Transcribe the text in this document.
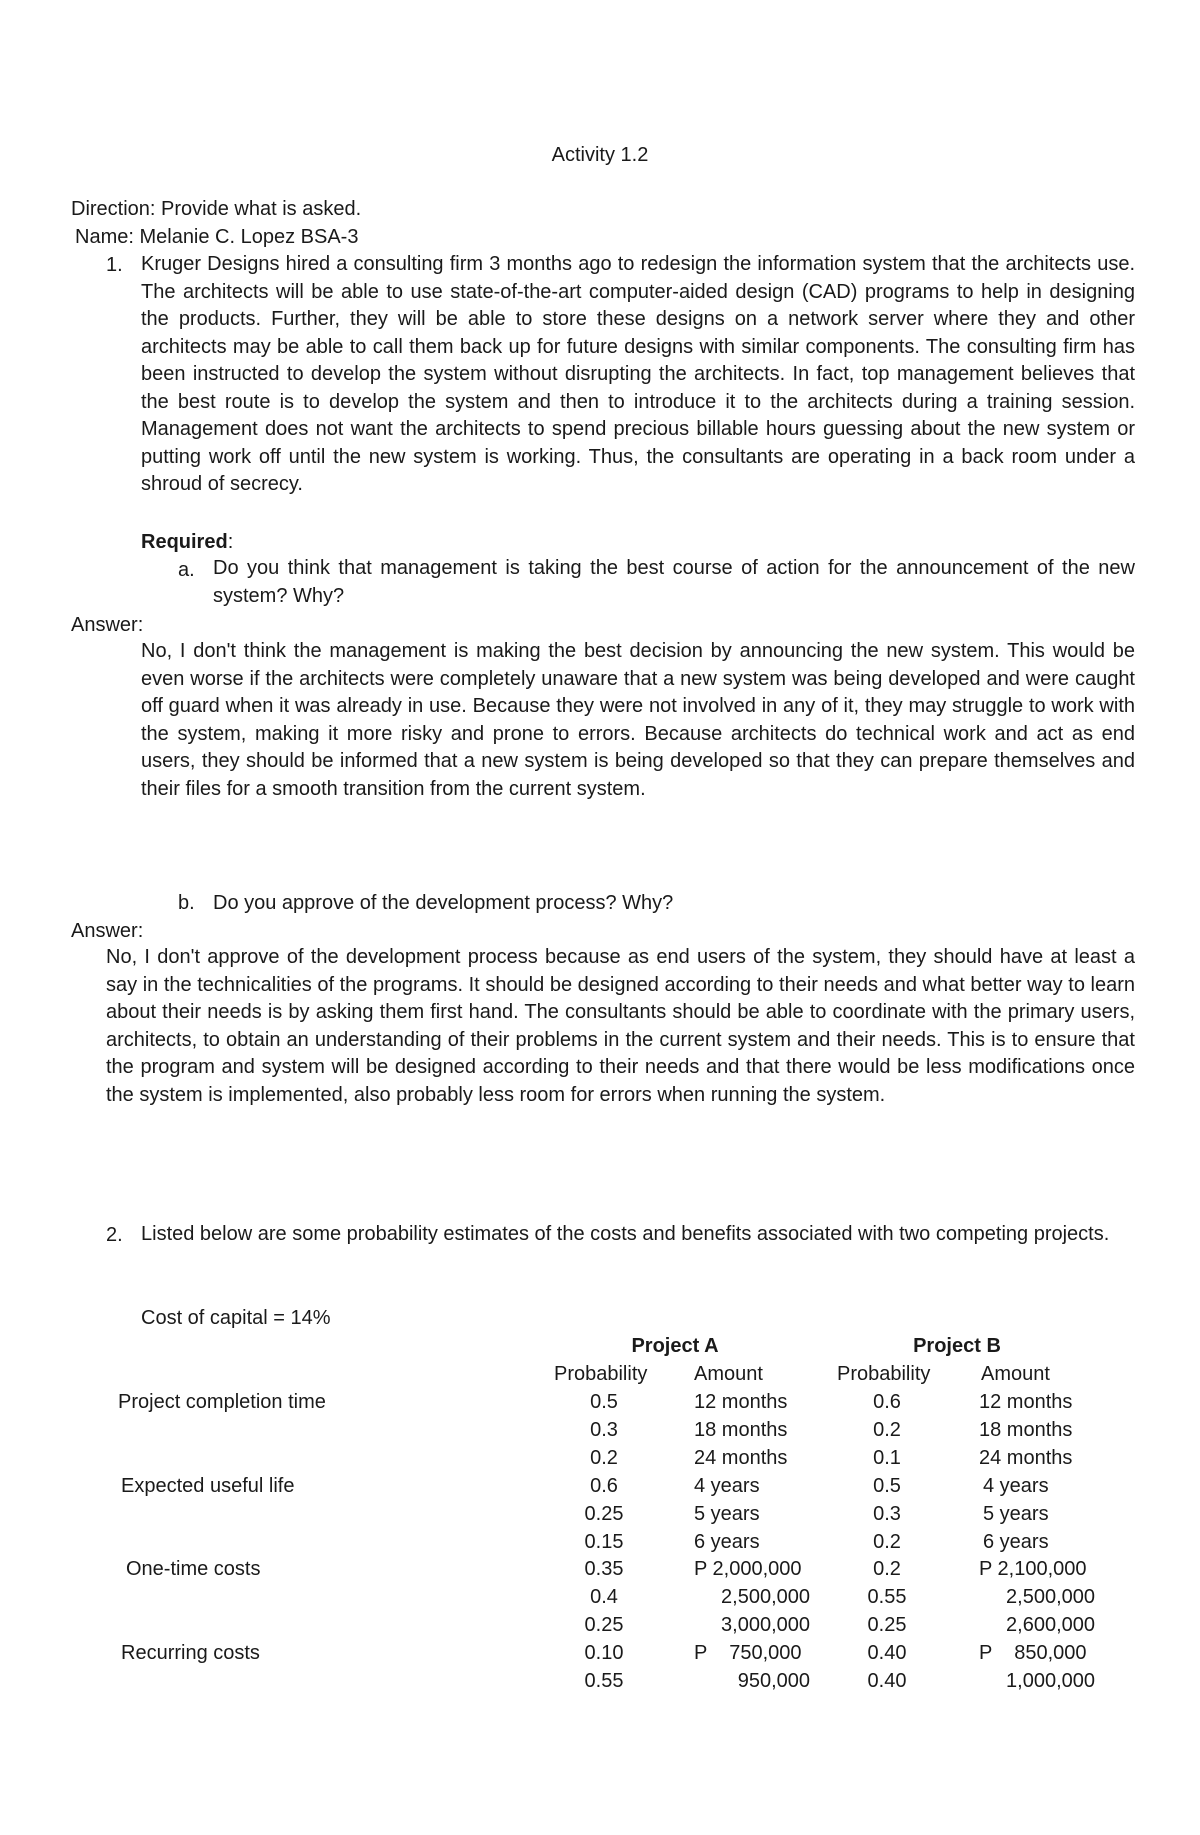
Activity 1.2
Direction: Provide what is asked.
Name: Melanie C. Lopez BSA-3
1. Kruger Designs hired a consulting firm 3 months ago to redesign the information system that the architects use. The architects will be able to use state-of-the-art computer-aided design (CAD) programs to help in designing the products. Further, they will be able to store these designs on a network server where they and other architects may be able to call them back up for future designs with similar components. The consulting firm has been instructed to develop the system without disrupting the architects. In fact, top management believes that the best route is to develop the system and then to introduce it to the architects during a training session. Management does not want the architects to spend precious billable hours guessing about the new system or putting work off until the new system is working. Thus, the consultants are operating in a back room under a shroud of secrecy.
Required:
a. Do you think that management is taking the best course of action for the announcement of the new system? Why?
Answer:
No, I don't think the management is making the best decision by announcing the new system. This would be even worse if the architects were completely unaware that a new system was being developed and were caught off guard when it was already in use. Because they were not involved in any of it, they may struggle to work with the system, making it more risky and prone to errors. Because architects do technical work and act as end users, they should be informed that a new system is being developed so that they can prepare themselves and their files for a smooth transition from the current system.
b. Do you approve of the development process? Why?
Answer:
No, I don't approve of the development process because as end users of the system, they should have at least a say in the technicalities of the programs. It should be designed according to their needs and what better way to learn about their needs is by asking them first hand. The consultants should be able to coordinate with the primary users, architects, to obtain an understanding of their problems in the current system and their needs. This is to ensure that the program and system will be designed according to their needs and that there would be less modifications once the system is implemented, also probably less room for errors when running the system.
2. Listed below are some probability estimates of the costs and benefits associated with two competing projects.
Cost of capital = 14%
Project A	Project B
Probability Amount	Probability	Amount
Project completion time	0.5	12 months	0.6	12 months
0.3	18 months	0.2	18 months
0.2	24 months	0.1	24 months
Expected useful life	0.6	4 years	0.5	4 years
0.25	5 years	0.3	5 years
0.15	6 years	0.2	6 years
One-time costs	0.35	P 2,000,000	0.2	P 2,100,000
0.4	2,500,000	0.55	2,500,000
0.25	3,000,000	0.25	2,600,000
Recurring costs	0.10	P    750,000	0.40	P    850,000
0.55	950,000	0.40	1,000,000
